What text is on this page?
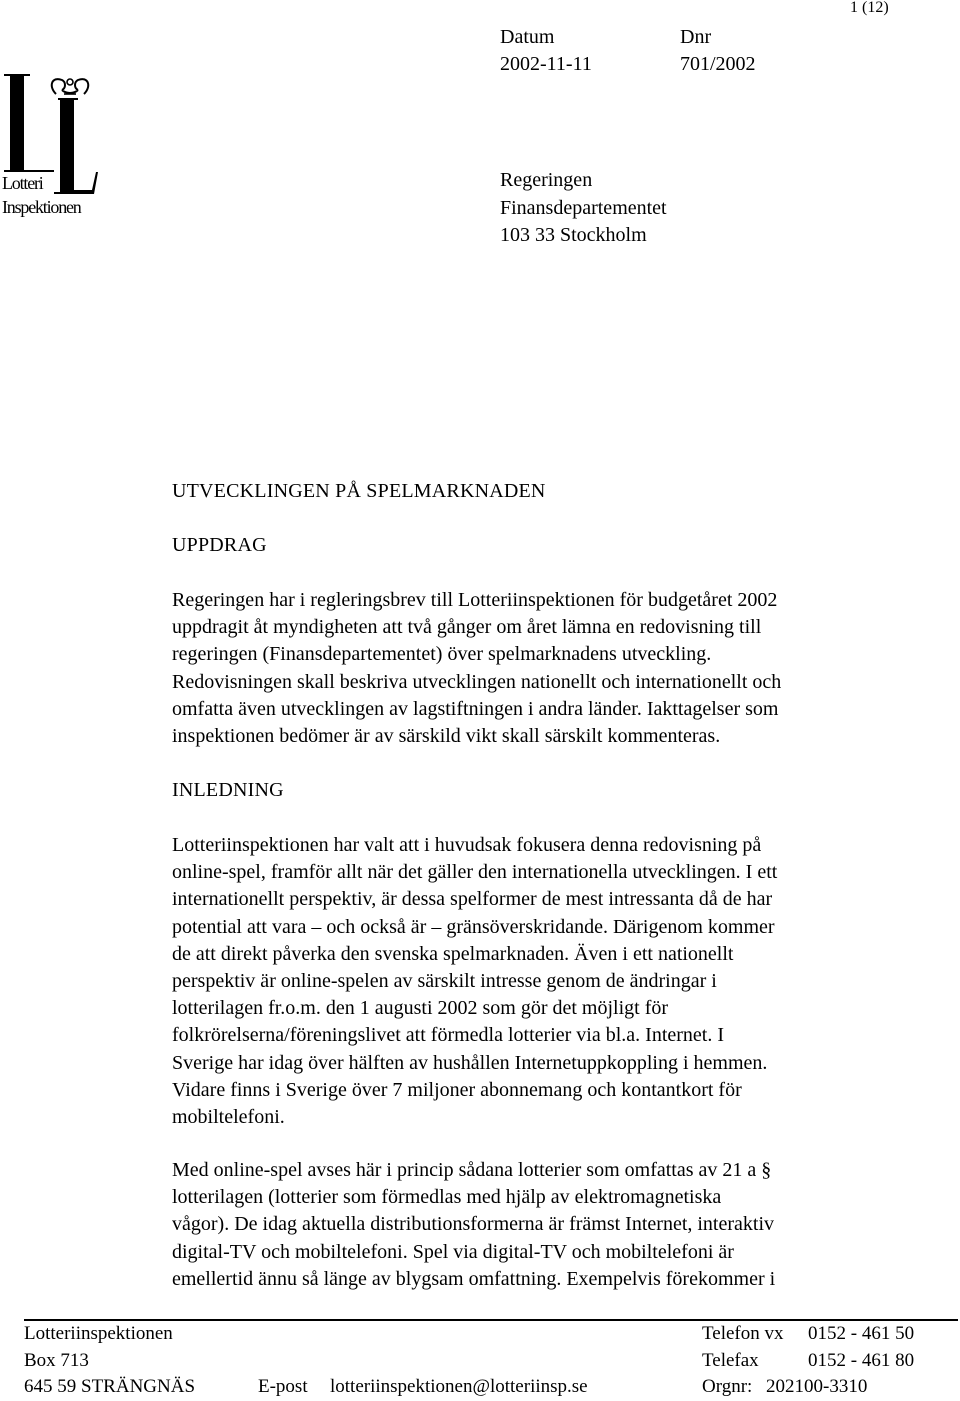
1 (12)
Datum
2002-11-11
Dnr
701/2002
Lotteri
Inspektionen
Regeringen
Finansdepartementet
103 33 Stockholm
UTVECKLINGEN PÅ SPELMARKNADEN
UPPDRAG
Regeringen har i regleringsbrev till Lotteriinspektionen för budgetåret 2002
uppdragit åt myndigheten att två gånger om året lämna en redovisning till
regeringen (Finansdepartementet) över spelmarknadens utveckling.
Redovisningen skall beskriva utvecklingen nationellt och internationellt och
omfatta även utvecklingen av lagstiftningen i andra länder. Iakttagelser som
inspektionen bedömer är av särskild vikt skall särskilt kommenteras.
INLEDNING
Lotteriinspektionen har valt att i huvudsak fokusera denna redovisning på
online-spel, framför allt när det gäller den internationella utvecklingen. I ett
internationellt perspektiv, är dessa spelformer de mest intressanta då de har
potential att vara – och också är – gränsöverskridande. Därigenom kommer
de att direkt påverka den svenska spelmarknaden. Även i ett nationellt
perspektiv är online-spelen av särskilt intresse genom de ändringar i
lotterilagen fr.o.m. den 1 augusti 2002 som gör det möjligt för
folkrörelserna/föreningslivet att förmedla lotterier via bl.a. Internet. I
Sverige har idag över hälften av hushållen Internetuppkoppling i hemmen.
Vidare finns i Sverige över 7 miljoner abonnemang och kontantkort för
mobiltelefoni.
Med online-spel avses här i princip sådana lotterier som omfattas av 21 a §
lotterilagen (lotterier som förmedlas med hjälp av elektromagnetiska
vågor). De idag aktuella distributionsformerna är främst Internet, interaktiv
digital-TV och mobiltelefoni. Spel via digital-TV och mobiltelefoni är
emellertid ännu så länge av blygsam omfattning. Exempelvis förekommer i
Lotteriinspektionen
Box 713
645 59 STRÄNGNÄS	E-post lotteriinspektionen@lotteriinsp.se
Telefon vx 0152 - 461 50
Telefax	0152 - 461 80
Orgnr: 202100-3310
